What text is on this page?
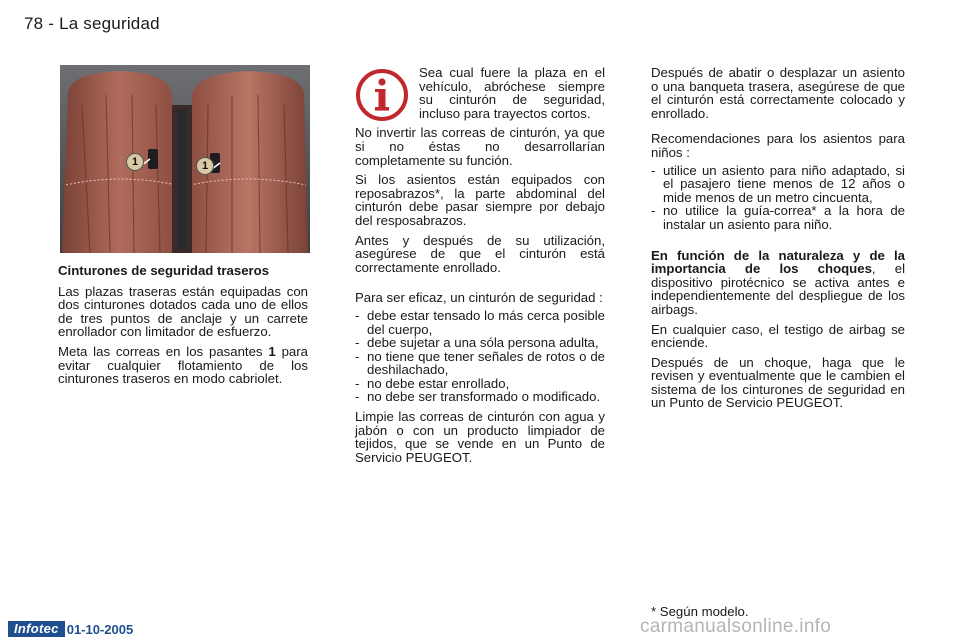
78 - La seguridad
1	1

Cinturones de seguridad traseros

Las plazas traseras están equipadas con dos cinturones dotados cada uno de ellos de tres puntos de anclaje y un carrete enrollador con limitador de esfuerzo.

Meta las correas en los pasantes 1 para evitar cualquier flotamiento de los cinturones traseros en modo cabriolet.

Sea cual fuere la plaza en el vehículo, abróchese siempre su cinturón de seguridad, incluso para trayectos cortos.

No invertir las correas de cinturón, ya que si no éstas no desarrollarían completamente su función.

Si los asientos están equipados con reposabrazos*, la parte abdominal del cinturón debe pasar siempre por debajo del resposabrazos.

Antes y después de su utilización, asegúrese de que el cinturón está correctamente enrollado.

Para ser eficaz, un cinturón de seguridad :

- debe estar tensado lo más cerca posible del cuerpo,
- debe sujetar a una sóla persona adulta,
- no tiene que tener señales de rotos o de deshilachado,
- no debe estar enrollado,
- no debe ser transformado o modificado.

Limpie las correas de cinturón con agua y jabón o con un producto limpiador de tejidos, que se vende en un Punto de Servicio PEUGEOT.

Después de abatir o desplazar un asiento o una banqueta trasera, asegúrese de que el cinturón está correctamente colocado y enrollado.

Recomendaciones para los asientos para niños :

- utilice un asiento para niño adaptado, si el pasajero tiene menos de 12 años o mide menos de un metro cincuenta,
- no utilice la guía-correa* a la hora de instalar un asiento para niño.

En función de la naturaleza y de la importancia de los choques, el dispositivo pirotécnico se activa antes e independientemente del despliegue de los airbags.

En cualquier caso, el testigo de airbag se enciende.

Después de un choque, haga que le revisen y eventualmente que le cambien el sistema de los cinturones de seguridad en un Punto de Servicio PEUGEOT.

* Según modelo.
Infotec 01-10-2005	carmanualsonline.info
